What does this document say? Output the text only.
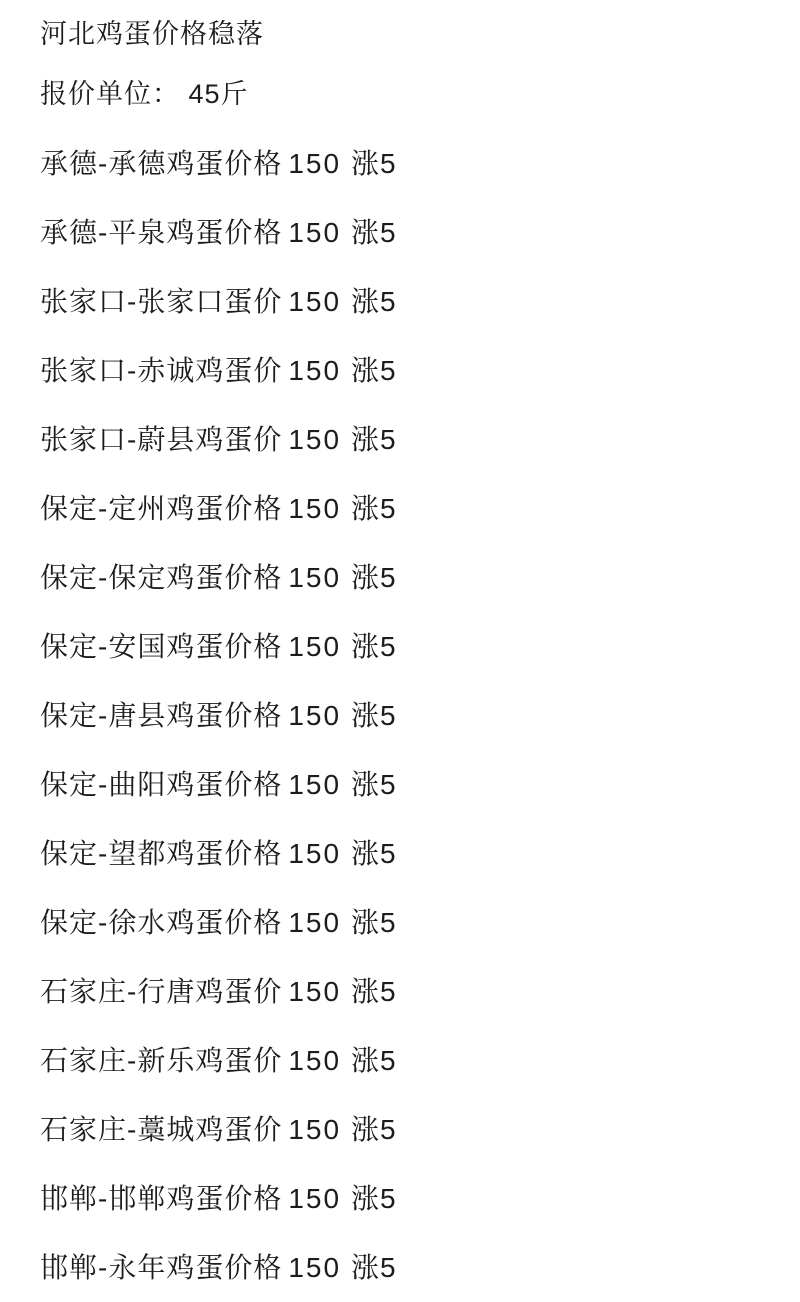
河北鸡蛋价格稳落
报价单位： 45斤
承德-承德鸡蛋价格 150 涨5
承德-平泉鸡蛋价格 150 涨5
张家口-张家口蛋价 150 涨5
张家口-赤诚鸡蛋价 150 涨5
张家口-蔚县鸡蛋价 150 涨5
保定-定州鸡蛋价格 150 涨5
保定-保定鸡蛋价格 150 涨5
保定-安国鸡蛋价格 150 涨5
保定-唐县鸡蛋价格 150 涨5
保定-曲阳鸡蛋价格 150 涨5
保定-望都鸡蛋价格 150 涨5
保定-徐水鸡蛋价格 150 涨5
石家庄-行唐鸡蛋价 150 涨5
石家庄-新乐鸡蛋价 150 涨5
石家庄-藁城鸡蛋价 150 涨5
邯郸-邯郸鸡蛋价格 150 涨5
邯郸-永年鸡蛋价格 150 涨5
